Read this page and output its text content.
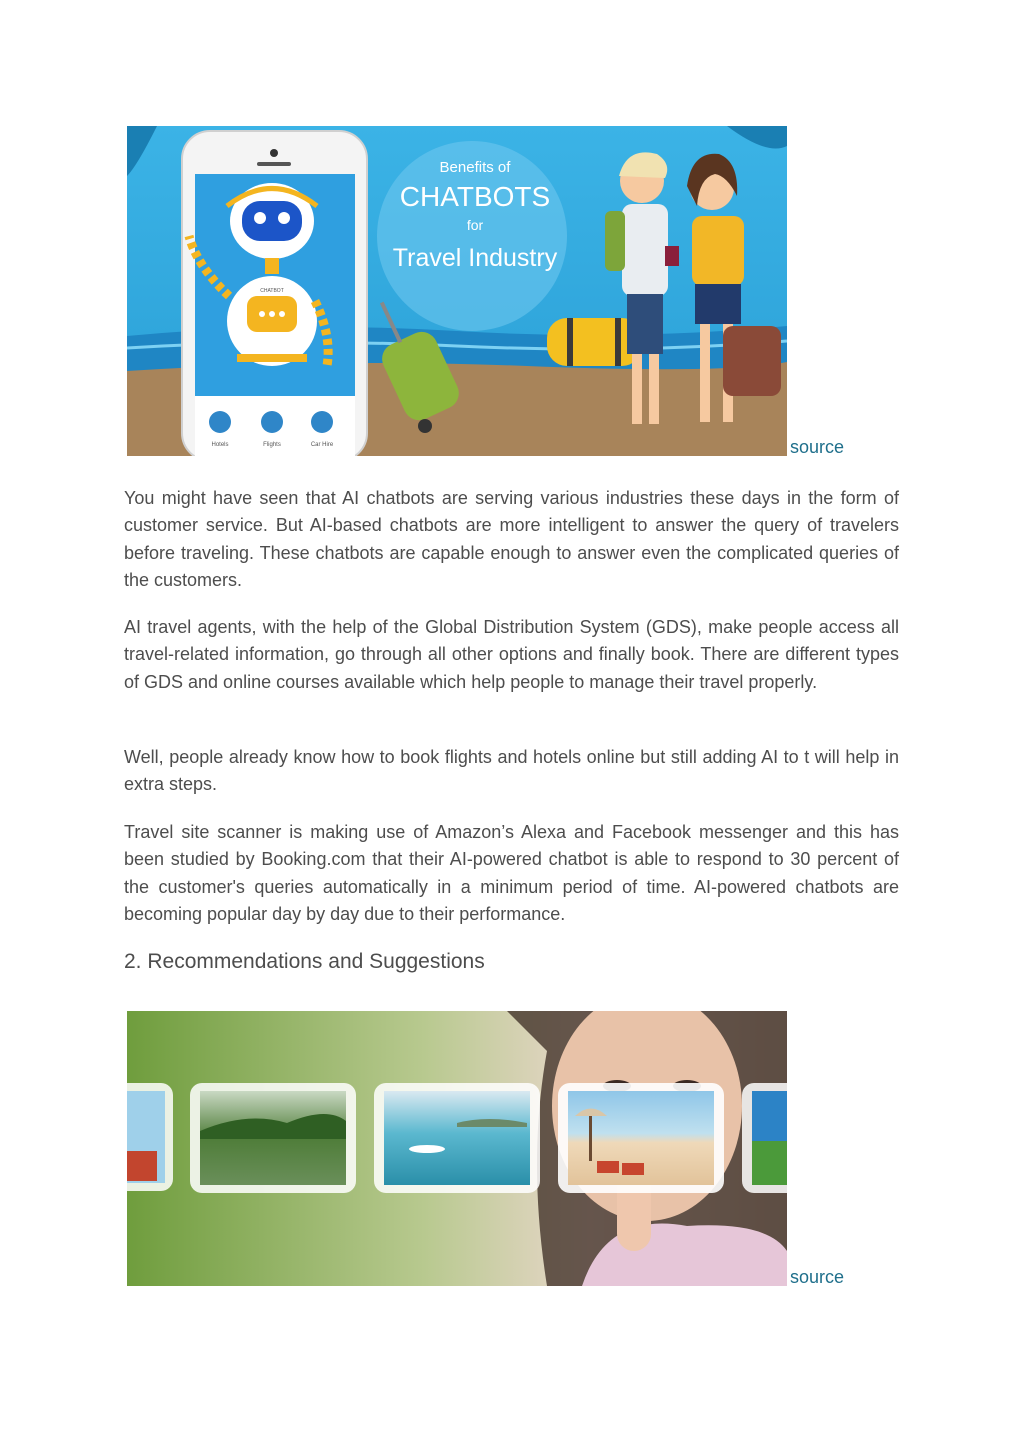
Hotels	Flights	Car Hire
CHATBOT
Benefits of
CHATBOTS
for
Travel Industry
source

You might have seen that AI chatbots are serving various industries these days in the form of customer service. But AI-based chatbots are more intelligent to answer the query of travelers before traveling. These chatbots are capable enough to answer even the complicated queries of the customers.

AI travel agents, with the help of the Global Distribution System (GDS), make people access all travel-related information, go through all other options and finally book. There are different types of GDS and online courses available which help people to manage their travel properly.

Well, people already know how to book flights and hotels online but still adding AI to t will help in extra steps.

Travel site scanner is making use of Amazon’s Alexa and Facebook messenger and this has been studied by Booking.com that their AI-powered chatbot is able to respond to 30 percent of the customer's queries automatically in a minimum period of time. AI-powered chatbots are becoming popular day by day due to their performance.

2. Recommendations and Suggestions
source
